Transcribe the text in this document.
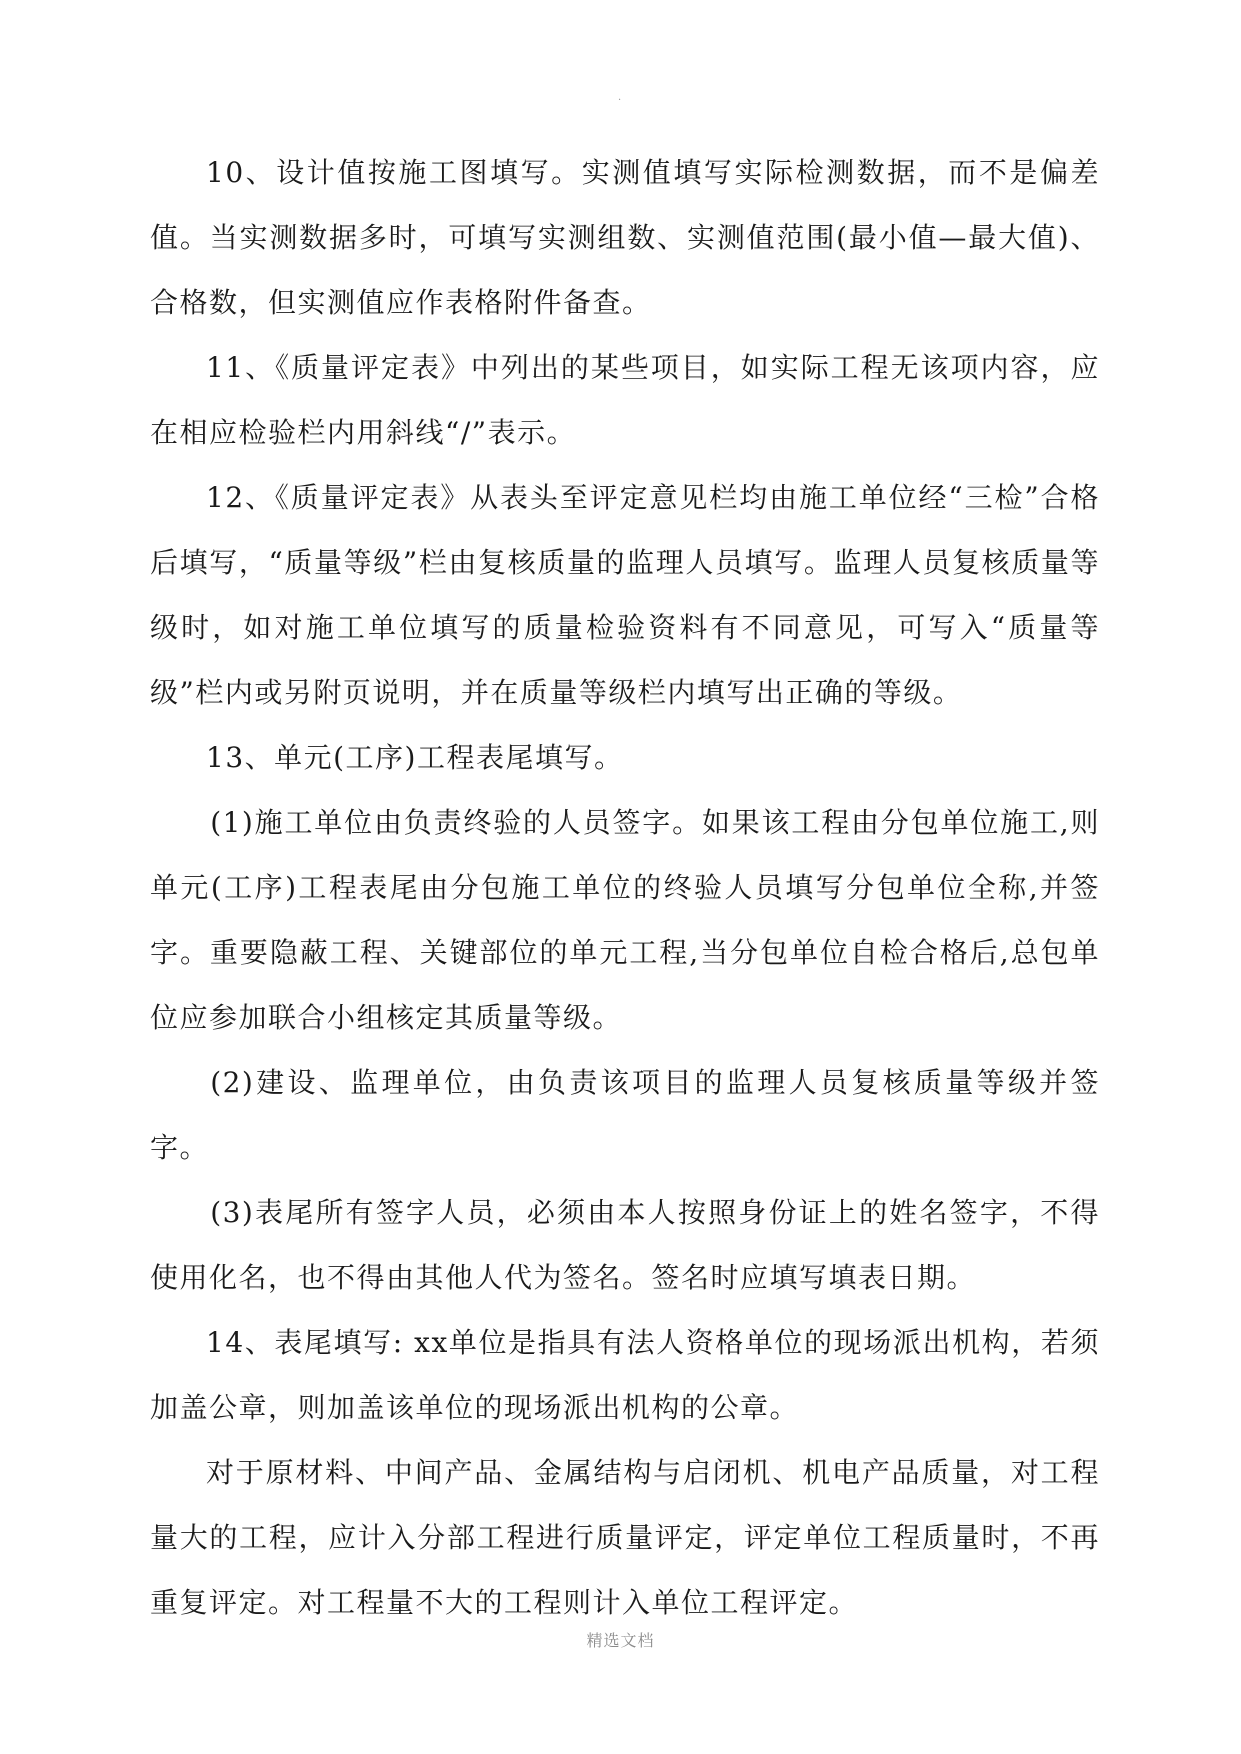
·

10、设计值按施工图填写。实测值填写实际检测数据，而不是偏差值。当实测数据多时，可填写实测组数、实测值范围(最小值—最大值)、合格数，但实测值应作表格附件备查。

11、《质量评定表》中列出的某些项目，如实际工程无该项内容，应在相应检验栏内用斜线“/”表示。

12、《质量评定表》从表头至评定意见栏均由施工单位经“三检”合格后填写，“质量等级”栏由复核质量的监理人员填写。监理人员复核质量等级时，如对施工单位填写的质量检验资料有不同意见，可写入“质量等级”栏内或另附页说明，并在质量等级栏内填写出正确的等级。

13、单元(工序)工程表尾填写。

(1)施工单位由负责终验的人员签字。如果该工程由分包单位施工,则单元(工序)工程表尾由分包施工单位的终验人员填写分包单位全称,并签字。重要隐蔽工程、关键部位的单元工程,当分包单位自检合格后,总包单位应参加联合小组核定其质量等级。

(2)建设、监理单位，由负责该项目的监理人员复核质量等级并签字。

(3)表尾所有签字人员，必须由本人按照身份证上的姓名签字，不得使用化名，也不得由其他人代为签名。签名时应填写填表日期。

14、表尾填写: xx单位是指具有法人资格单位的现场派出机构，若须加盖公章，则加盖该单位的现场派出机构的公章。

对于原材料、中间产品、金属结构与启闭机、机电产品质量，对工程量大的工程，应计入分部工程进行质量评定，评定单位工程质量时，不再重复评定。对工程量不大的工程则计入单位工程评定。

精选文档
